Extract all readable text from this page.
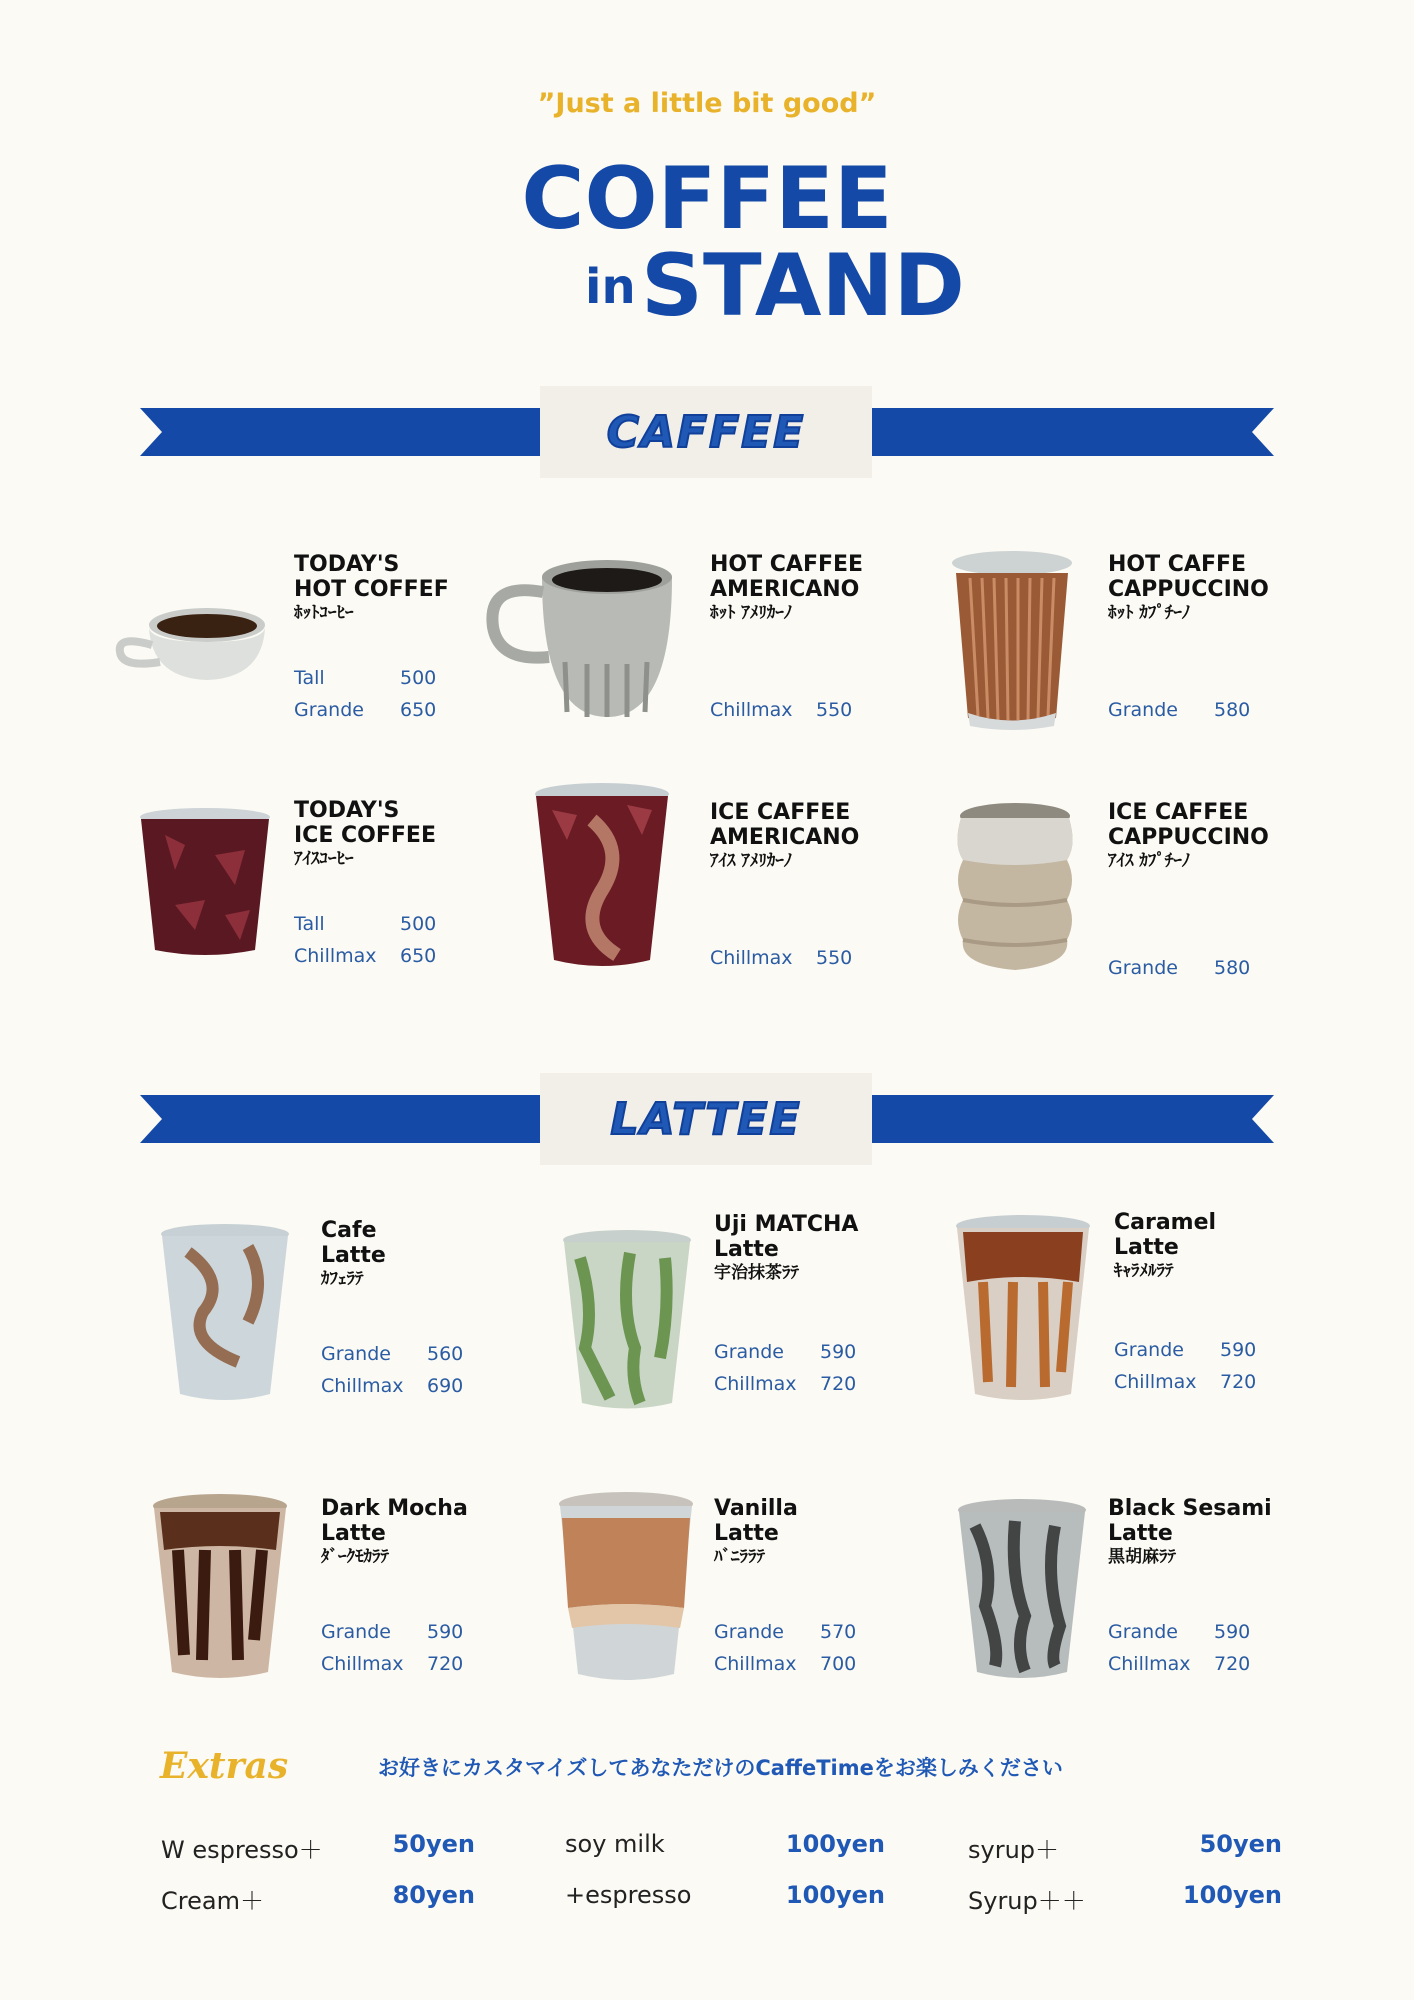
”Just a little bit good”
COFFEE
in STAND
CAFFEE
LATTEE
TODAY'S
HOT COFFEF
ﾎｯﾄｺｰﾋｰ
Tall	500
Grande 650
HOT CAFFEE
AMERICANO
ﾎｯﾄ ｱﾒﾘｶｰﾉ
Chillmax 550
HOT CAFFE
CAPPUCCINO
ﾎｯﾄ ｶﾌﾟﾁｰﾉ
Grande 580
TODAY'S
ICE COFFEE
ｱｲｽｺｰﾋｰ
Tall	500
Chillmax 650
ICE CAFFEE
AMERICANO
ｱｲｽ ｱﾒﾘｶｰﾉ
Chillmax 550
ICE CAFFEE
CAPPUCCINO
ｱｲｽ ｶﾌﾟﾁｰﾉ
Grande 580
Cafe
Latte
ｶﾌｪﾗﾃ
Grande 560
Chillmax 690
Uji MATCHA
Latte
宇治抹茶ﾗﾃ
Grande 590
Chillmax 720
Caramel
Latte
ｷｬﾗﾒﾙﾗﾃ
Grande 590
Chillmax 720
Dark Mocha
Latte
ﾀﾞｰｸﾓｶﾗﾃ
Grande 590
Chillmax 720
Vanilla
Latte
ﾊﾞﾆﾗﾗﾃ
Grande 570
Chillmax 700
Black Sesami
Latte
黒胡麻ﾗﾃ
Grande 590
Chillmax 720
Extras	お好きにカスタマイズしてあなただけのCaffeTimeをお楽しみください
W espresso＋	50yen	soy milk	100yen	syrup＋	50yen
Cream＋	80yen	+espresso	100yen	Syrup＋＋	100yen
